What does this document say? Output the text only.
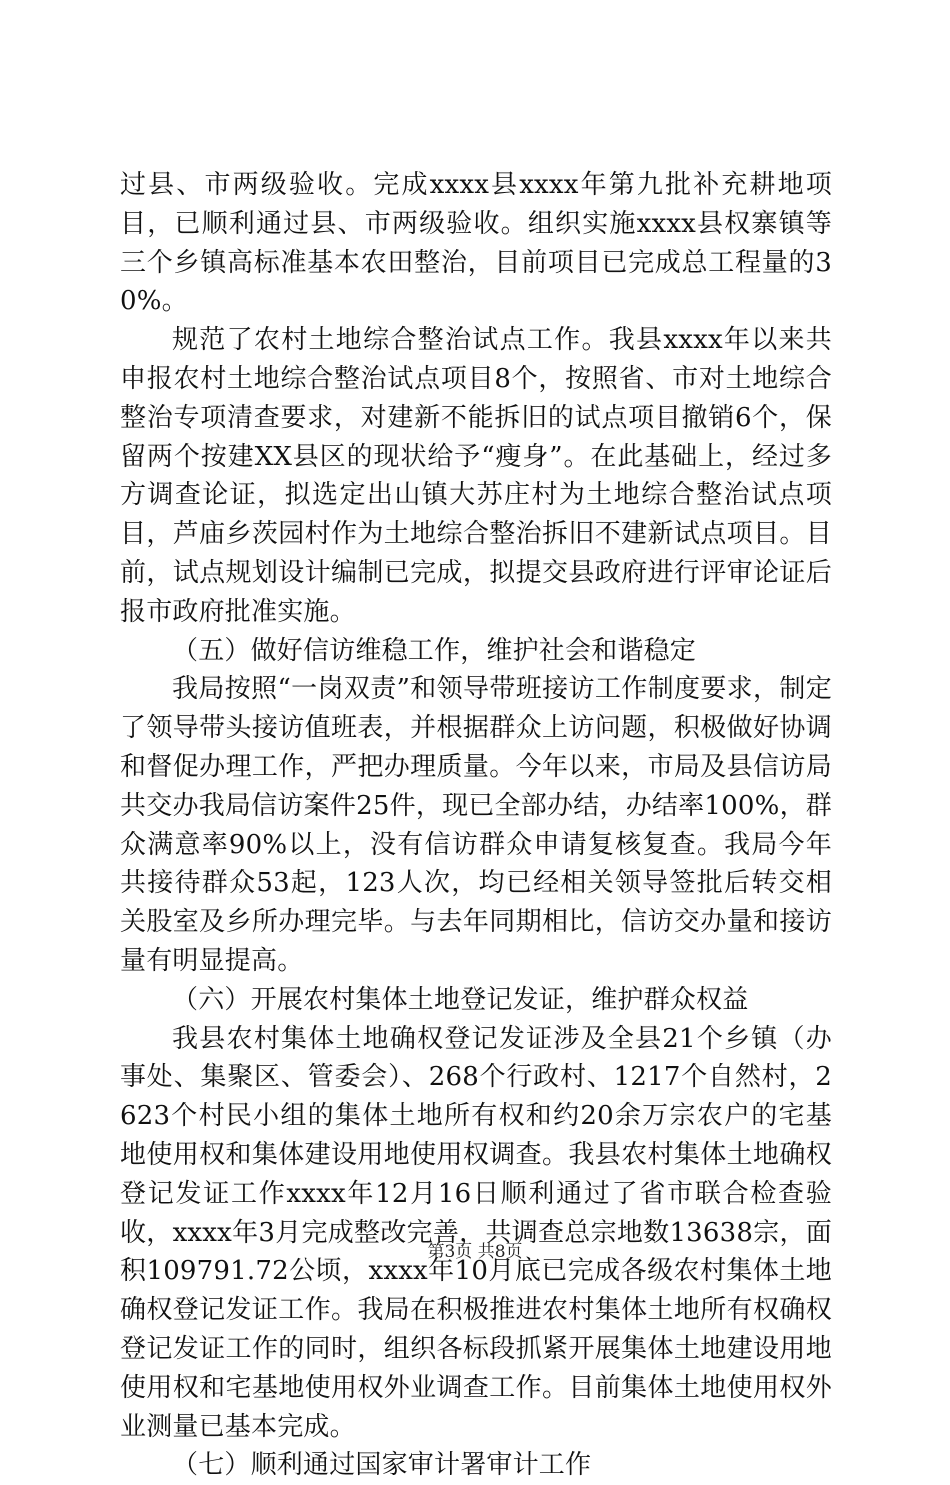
过县、市两级验收。完成xxxx县xxxx年第九批补充耕地项目，已顺利通过县、市两级验收。组织实施xxxx县权寨镇等三个乡镇高标准基本农田整治，目前项目已完成总工程量的30%。

规范了农村土地综合整治试点工作。我县xxxx年以来共申报农村土地综合整治试点项目8个，按照省、市对土地综合整治专项清查要求，对建新不能拆旧的试点项目撤销6个，保留两个按建XX县区的现状给予“瘦身”。在此基础上，经过多方调查论证，拟选定出山镇大苏庄村为土地综合整治试点项目，芦庙乡茨园村作为土地综合整治拆旧不建新试点项目。目前，试点规划设计编制已完成，拟提交县政府进行评审论证后报市政府批准实施。

（五）做好信访维稳工作，维护社会和谐稳定

我局按照“一岗双责”和领导带班接访工作制度要求，制定了领导带头接访值班表，并根据群众上访问题，积极做好协调和督促办理工作，严把办理质量。今年以来，市局及县信访局共交办我局信访案件25件，现已全部办结，办结率100%，群众满意率90%以上，没有信访群众申请复核复查。我局今年共接待群众53起，123人次，均已经相关领导签批后转交相关股室及乡所办理完毕。与去年同期相比，信访交办量和接访量有明显提高。

（六）开展农村集体土地登记发证，维护群众权益

我县农村集体土地确权登记发证涉及全县21个乡镇（办事处、集聚区、管委会）、268个行政村、1217个自然村，2623个村民小组的集体土地所有权和约20余万宗农户的宅基地使用权和集体建设用地使用权调查。我县农村集体土地确权登记发证工作xxxx年12月16日顺利通过了省市联合检查验收，xxxx年3月完成整改完善，共调查总宗地数13638宗，面积109791.72公顷，xxxx年10月底已完成各级农村集体土地确权登记发证工作。我局在积极推进农村集体土地所有权确权登记发证工作的同时，组织各标段抓紧开展集体土地建设用地使用权和宅基地使用权外业调查工作。目前集体土地使用权外业测量已基本完成。

（七）顺利通过国家审计署审计工作

第3页 共8页
